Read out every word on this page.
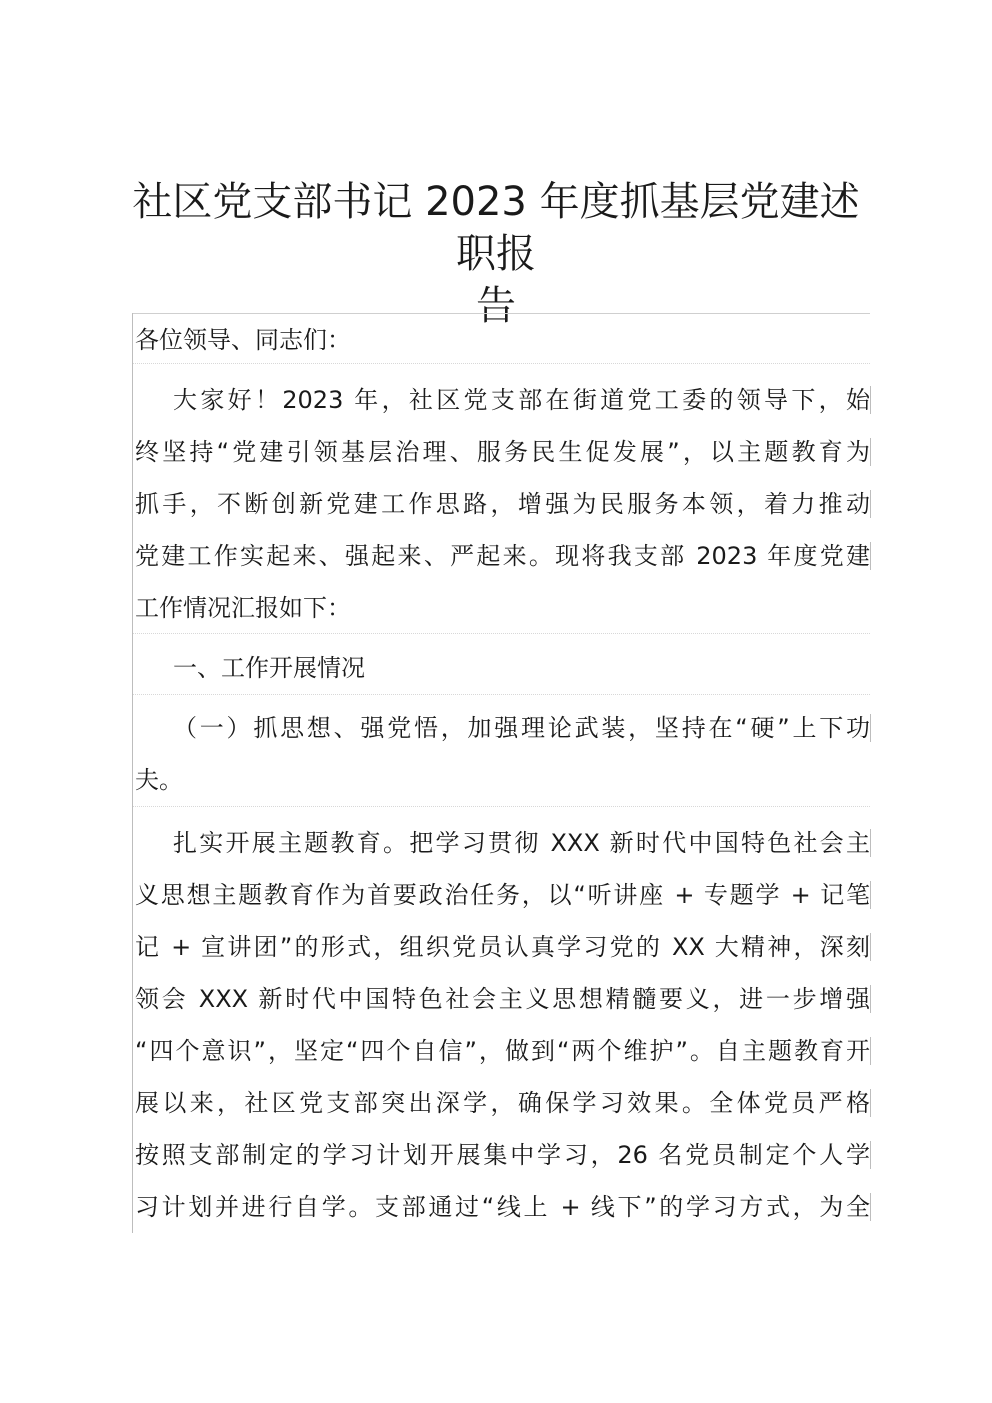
社区党支部书记 2023 年度抓基层党建述职报
告
各位领导、同志们：
大家好！2023 年，社区党支部在街道党工委的领导下，始
终坚持“党建引领基层治理、服务民生促发展”，以主题教育为
抓手，不断创新党建工作思路，增强为民服务本领，着力推动
党建工作实起来、强起来、严起来。现将我支部 2023 年度党建
工作情况汇报如下：
一、工作开展情况
（一）抓思想、强党悟，加强理论武装，坚持在“硬”上下功
夫。
扎实开展主题教育。把学习贯彻 XXX 新时代中国特色社会主
义思想主题教育作为首要政治任务，以“听讲座 + 专题学 + 记笔
记 + 宣讲团”的形式，组织党员认真学习党的 XX 大精神，深刻
领会 XXX 新时代中国特色社会主义思想精髓要义，进一步增强
“四个意识”，坚定“四个自信”，做到“两个维护”。自主题教育开
展以来，社区党支部突出深学，确保学习效果。全体党员严格
按照支部制定的学习计划开展集中学习，26 名党员制定个人学
习计划并进行自学。支部通过“线上 + 线下”的学习方式，为全
